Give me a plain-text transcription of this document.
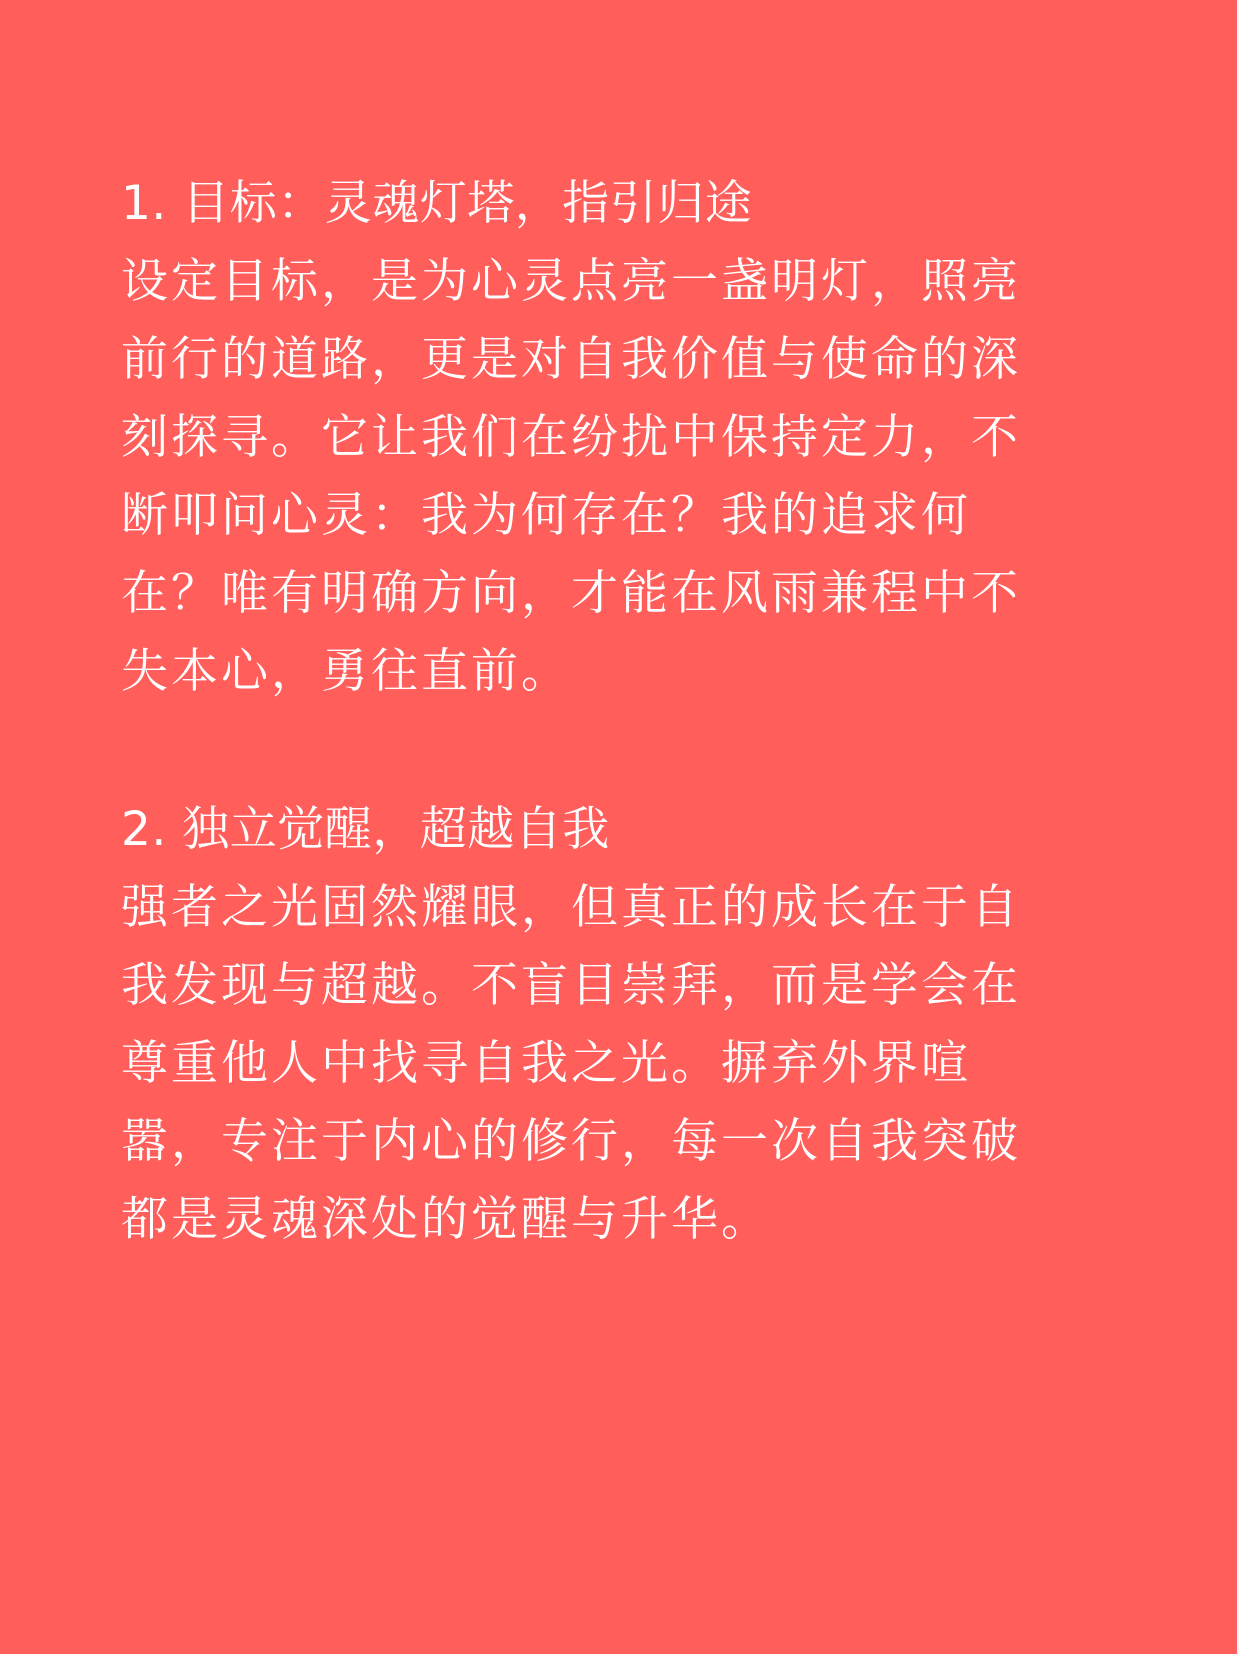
1. 目标：灵魂灯塔，指引归途
设定目标，是为心灵点亮一盏明灯，照亮
前行的道路，更是对自我价值与使命的深
刻探寻。它让我们在纷扰中保持定力，不
断叩问心灵：我为何存在？我的追求何
在？唯有明确方向，才能在风雨兼程中不
失本心，勇往直前。
2. 独立觉醒，超越自我
强者之光固然耀眼，但真正的成长在于自
我发现与超越。不盲目崇拜，而是学会在
尊重他人中找寻自我之光。摒弃外界喧
嚣，专注于内心的修行，每一次自我突破
都是灵魂深处的觉醒与升华。
